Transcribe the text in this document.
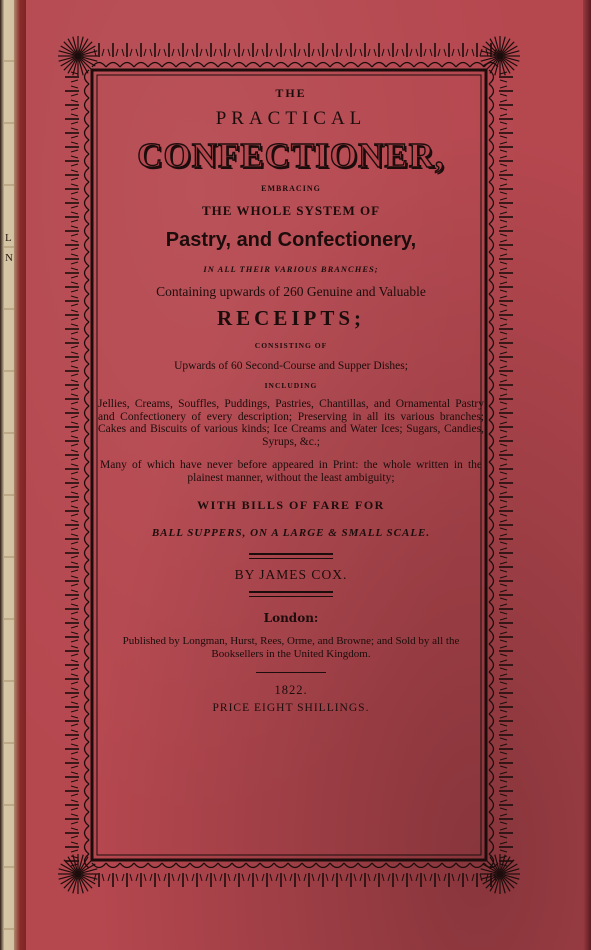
L
N
THE
PRACTICAL
CONFECTIONER,
EMBRACING
THE WHOLE SYSTEM OF
Pastry, and Confectionery,
IN ALL THEIR VARIOUS BRANCHES;
Containing upwards of 260 Genuine and Valuable
RECEIPTS;
CONSISTING OF
Upwards of 60 Second-Course and Supper Dishes;
INCLUDING
Jellies, Creams, Souffles, Puddings, Pastries, Chantillas, and Ornamental Pastry and Confectionery of every description; Preserving in all its various branches; Cakes and Biscuits of various kinds; Ice Creams and Water Ices; Sugars, Candies, Syrups, &c.;
Many of which have never before appeared in Print: the whole written in the plainest manner, without the least ambiguity;
WITH BILLS OF FARE FOR
BALL SUPPERS, ON A LARGE & SMALL SCALE.
BY JAMES COX.
London:
Published by Longman, Hurst, Rees, Orme, and Browne; and Sold by all the Booksellers in the United Kingdom.
1822.
PRICE EIGHT SHILLINGS.
